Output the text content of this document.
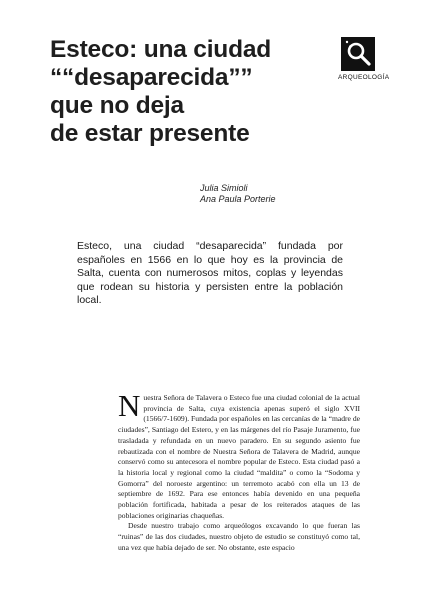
Esteco: una ciudad
““desaparecida””
que no deja
de estar presente
ARQUEOLOGÍA
Julia Simioli
Ana Paula Porterie
Esteco, una ciudad “desaparecida” fundada por españoles en 1566 en lo que hoy es la provincia de Salta, cuenta con numerosos mitos, coplas y leyendas que rodean su historia y persisten entre la población local.

Nuestra Señora de Talavera o Esteco fue una ciudad colonial de la actual provincia de Salta, cuya existencia apenas superó el siglo XVII (1566/7-1609). Fundada por españoles en las cercanías de la “madre de ciudades”, Santiago del Estero, y en las márgenes del río Pasaje Juramento, fue trasladada y refundada en un nuevo paradero. En su segundo asiento fue rebautizada con el nombre de Nuestra Señora de Talavera de Madrid, aunque conservó como su antecesora el nombre popular de Esteco. Esta ciudad pasó a la historia local y regional como la ciudad “maldita” o como la “Sodoma y Gomorra” del noroeste argentino: un terremoto acabó con ella un 13 de septiembre de 1692. Para ese entonces había devenido en una pequeña población fortificada, habitada a pesar de los reiterados ataques de las poblaciones originarias chaqueñas.

Desde nuestro trabajo como arqueólogos excavando lo que fueran las “ruinas” de las dos ciudades, nuestro objeto de estudio se constituyó como tal, una vez que había dejado de ser. No obstante, este espacio
